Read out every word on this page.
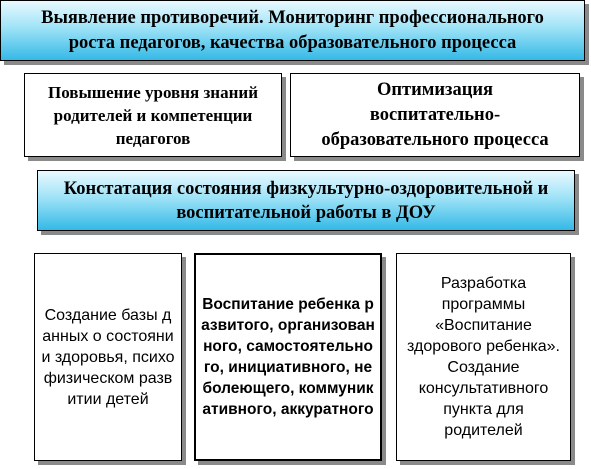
Выявление противоречий. Мониторинг профессионального роста педагогов, качества образовательного процесса
Повышение уровня знаний родителей и компетенции педагогов
Оптимизация воспитательно-образовательного процесса
Констатация состояния физкультурно-оздоровительной и воспитательной работы в ДОУ
Создание базы данных о состоянии здоровья, психофизическом развитии детей
Воспитание ребенка развитого, организованного, самостоятельного, инициативного, не болеющего, коммуникативного, аккуратного
Разработка программы «Воспитание здорового ребенка». Создание консультативного пункта для родителей
